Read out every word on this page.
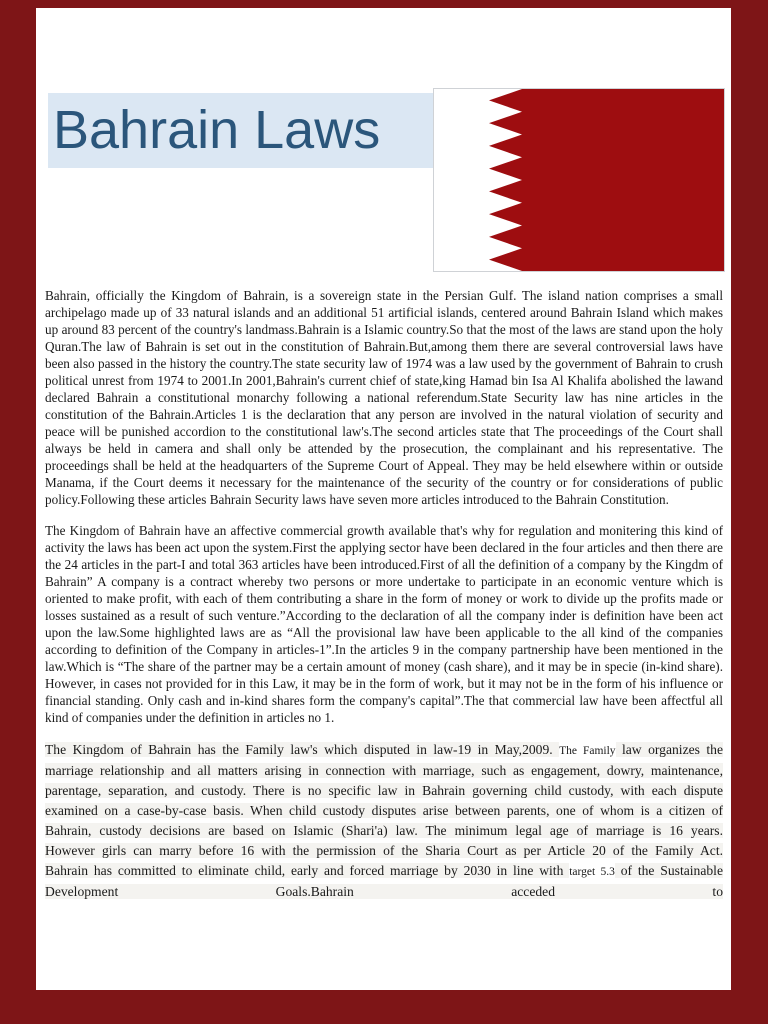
Bahrain Laws

Bahrain, officially the Kingdom of Bahrain, is a sovereign state in the Persian Gulf. The island nation comprises a small archipelago made up of 33 natural islands and an additional 51 artificial islands, centered around Bahrain Island which makes up around 83 percent of the country's landmass.Bahrain is a Islamic country.So that the most of the laws are stand upon the holy Quran.The law of Bahrain is set out in the constitution of Bahrain.But,among them there are several controversial laws have been also passed in the history the country.The state security law of 1974 was a law used by the government of Bahrain to crush political unrest from 1974 to 2001.In 2001,Bahrain's current chief of state,king Hamad bin Isa Al Khalifa abolished the lawand declared Bahrain a constitutional monarchy following a national referendum.State Security law has nine articles in the constitution of the Bahrain.Articles 1 is the declaration that any person are involved in the natural violation of security and peace will be punished accordion to the constitutional law's.The second articles state that The proceedings of the Court shall always be held in camera and shall only be attended by the prosecution, the complainant and his representative. The proceedings shall be held at the headquarters of the Supreme Court of Appeal. They may be held elsewhere within or outside Manama, if the Court deems it necessary for the maintenance of the security of the country or for considerations of public policy.Following these articles Bahrain Security laws have seven more articles introduced to the Bahrain Constitution.

The Kingdom of Bahrain have an affective commercial growth available that's why for regulation and monitering this kind of activity the laws has been act upon the system.First the applying sector have been declared in the four articles and then there are the 24 articles in the part-I and total 363 articles have been introduced.First of all the definition of a company by the Kingdm of Bahrain” A company is a contract whereby two persons or more undertake to participate in an economic venture which is oriented to make profit, with each of them contributing a share in the form of money or work to divide up the profits made or losses sustained as a result of such venture.”According to the declaration of all the company inder is definition have been act upon the law.Some highlighted laws are as “All the provisional law have been applicable to the all kind of the companies according to definition of the Company in articles-1”.In the articles 9 in the company partnership have been mentioned in the law.Which is “The share of the partner may be a certain amount of money (cash share), and it may be in specie (in-kind share). However, in cases not provided for in this Law, it may be in the form of work, but it may not be in the form of his influence or financial standing. Only cash and in-kind shares form the company's capital”.The that commercial law have been affectful all kind of companies under the definition in articles no 1.

The Kingdom of Bahrain has the Family law's which disputed in law-19 in May,2009. The Family law organizes the marriage relationship and all matters arising in connection with marriage, such as engagement, dowry, maintenance, parentage, separation, and custody. There is no specific law in Bahrain governing child custody, with each dispute examined on a case-by-case basis. When child custody disputes arise between parents, one of whom is a citizen of Bahrain, custody decisions are based on Islamic (Shari'a) law. The minimum legal age of marriage is 16 years. However girls can marry before 16 with the permission of the Sharia Court as per Article 20 of the Family Act. Bahrain has committed to eliminate child, early and forced marriage by 2030 in line with target 5.3 of the Sustainable Development Goals.Bahrain acceded to
